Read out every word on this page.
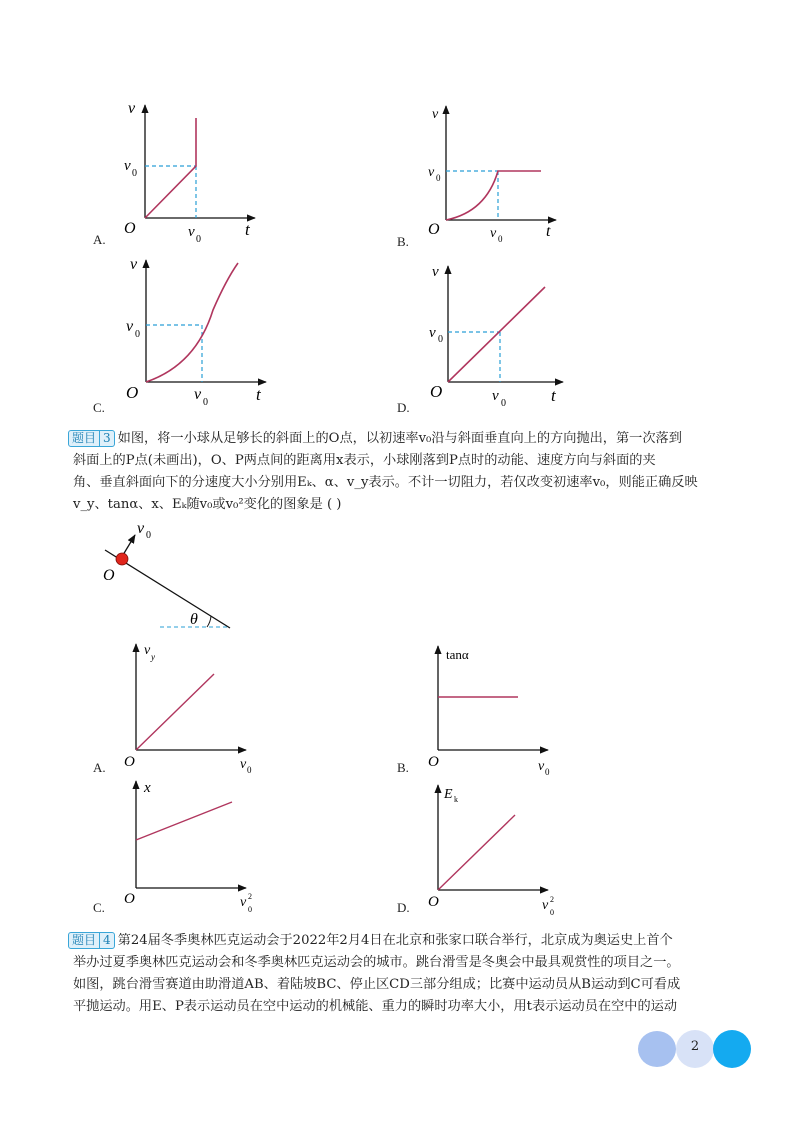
v
O	t
v 0
v 0
A.
v
O	t
v 0
v 0
B.
v
O	t
v 0
v 0
C.
v
O	t
v 0
v 0
D.

题目 3 如图，将一小球从足够长的斜面上的O点，以初速率v₀沿与斜面垂直向上的方向抛出，第一次落到

斜面上的P点(未画出)，O、P两点间的距离用x表示，小球刚落到P点时的动能、速度方向与斜面的夹

角、垂直斜面向下的分速度大小分别用Eₖ、α、v_y表示。不计一切阻力，若仅改变初速率v₀，则能正确反映

v_y、tanα、x、Eₖ随v₀或v₀²变化的图象是 ( )

v 0
O
θ
v y
O	v 0
A.
tanα
O	v 0
B.
x
O	v 0
2
C.
E k
O	v 0
2
D.

题目 4 第24届冬季奥林匹克运动会于2022年2月4日在北京和张家口联合举行，北京成为奥运史上首个

举办过夏季奥林匹克运动会和冬季奥林匹克运动会的城市。跳台滑雪是冬奥会中最具观赏性的项目之一。

如图，跳台滑雪赛道由助滑道AB、着陆坡BC、停止区CD三部分组成；比赛中运动员从B运动到C可看成

平抛运动。用E、P表示运动员在空中运动的机械能、重力的瞬时功率大小，用t表示运动员在空中的运动

2
